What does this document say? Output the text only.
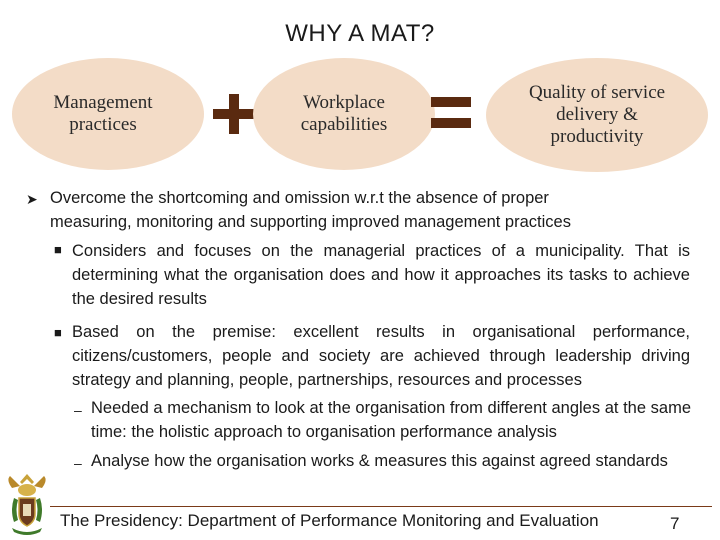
WHY A MAT?
Management
practices
Workplace
capabilities
Quality of service
delivery &
productivity
➤ Overcome the shortcoming and omission w.r.t the absence of proper
measuring, monitoring and supporting improved management practices
■ Considers and focuses on the managerial practices of a municipality. That is determining what the organisation does and how it approaches its tasks to achieve the desired results
■ Based on the premise: excellent results in organisational performance, citizens/customers, people and society are achieved through leadership driving strategy and planning, people, partnerships, resources and processes
‒ Needed a mechanism to look at the organisation from different angles at the same time: the holistic approach to organisation performance analysis
‒ Analyse how the organisation works & measures this against agreed standards
The Presidency: Department of Performance Monitoring and Evaluation	7
